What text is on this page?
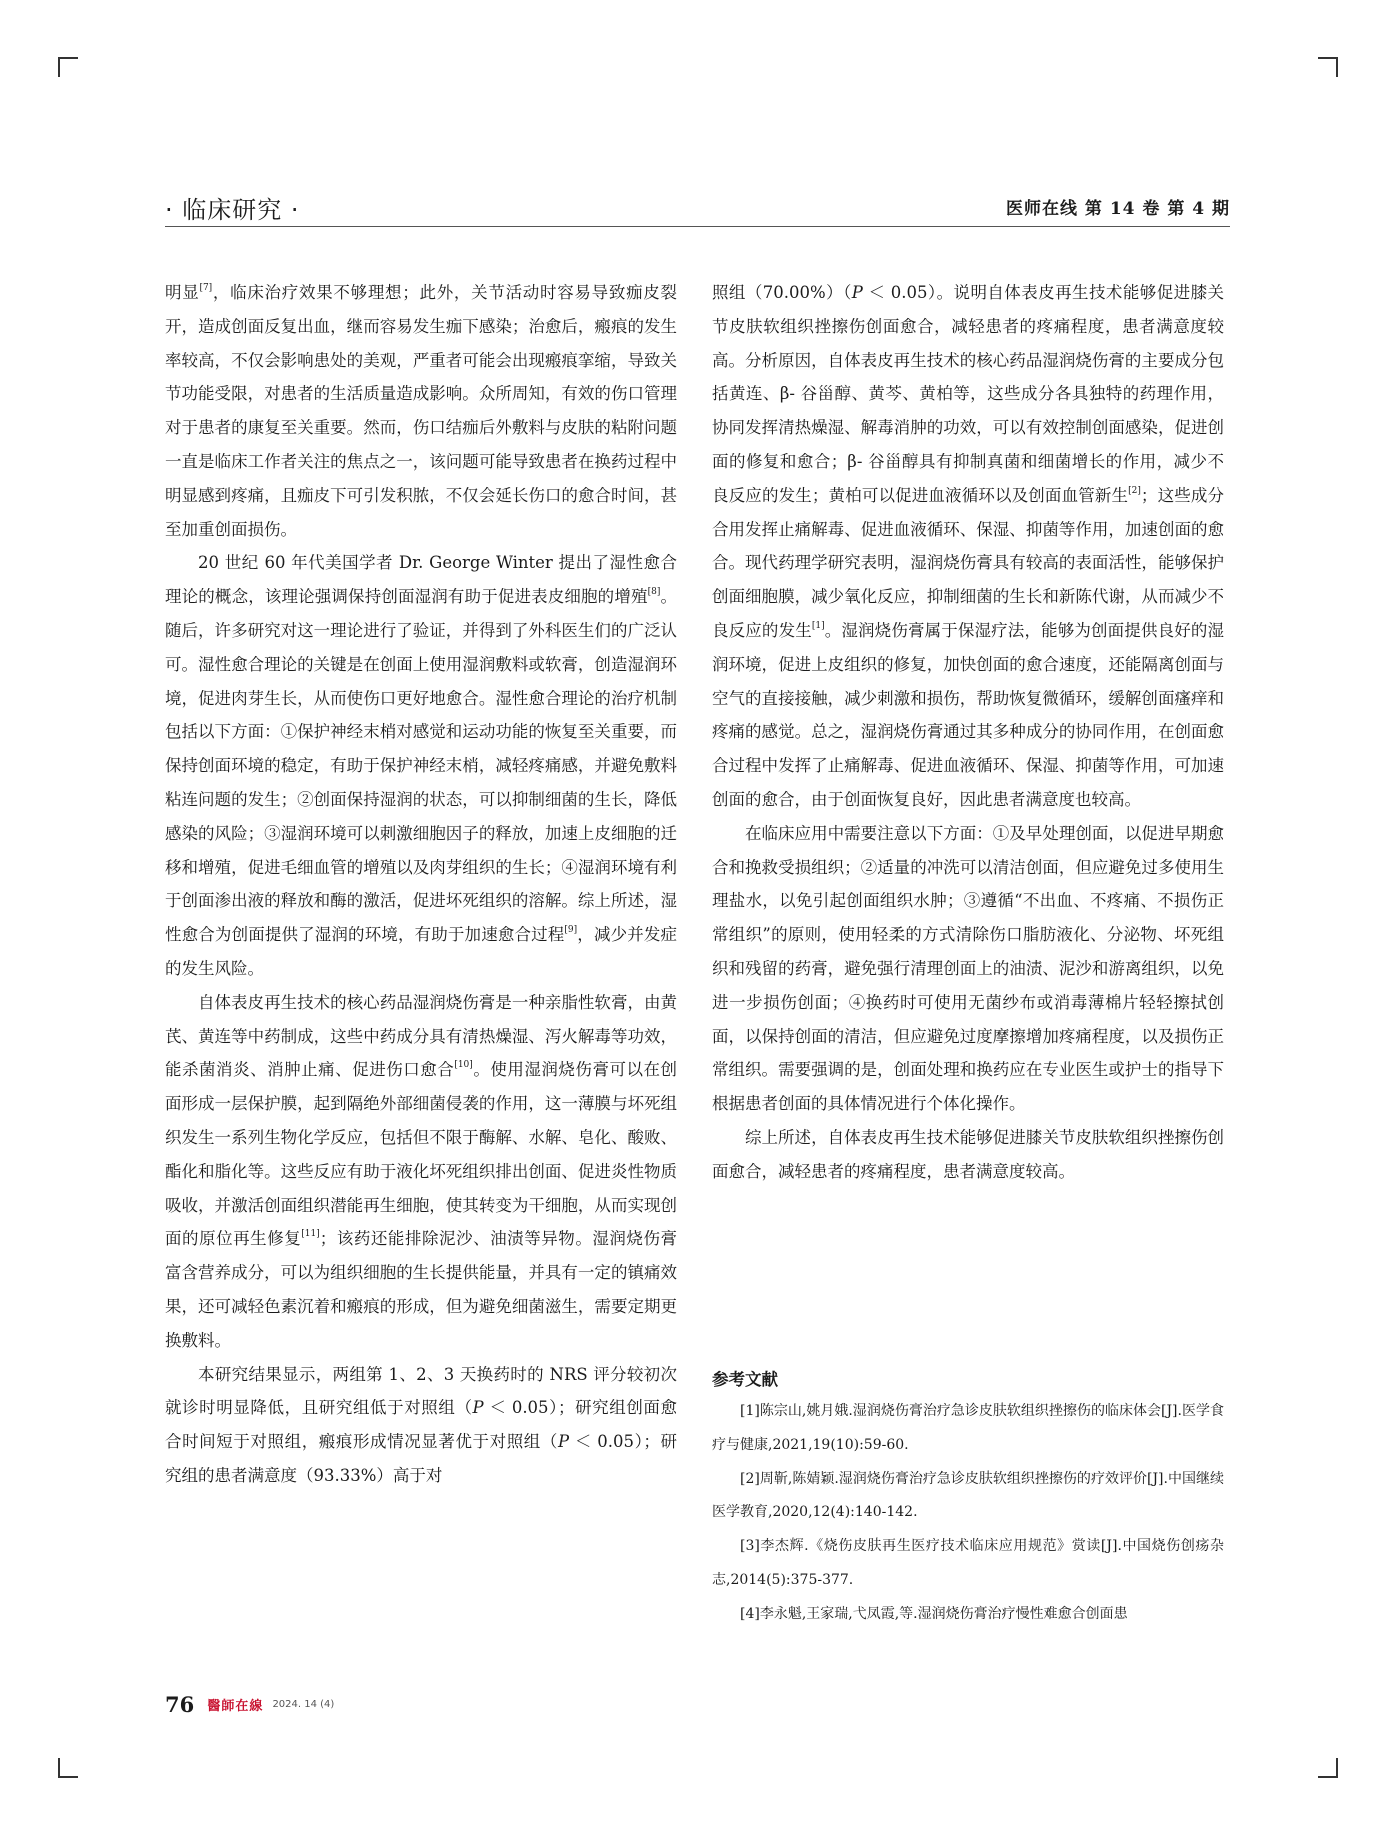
· 临床研究 ·	医师在线 第 14 卷 第 4 期

明显[7]，临床治疗效果不够理想；此外，关节活动时容易导致痂皮裂开，造成创面反复出血，继而容易发生痂下感染；治愈后，瘢痕的发生率较高，不仅会影响患处的美观，严重者可能会出现瘢痕挛缩，导致关节功能受限，对患者的生活质量造成影响。众所周知，有效的伤口管理对于患者的康复至关重要。然而，伤口结痂后外敷料与皮肤的粘附问题一直是临床工作者关注的焦点之一，该问题可能导致患者在换药过程中明显感到疼痛，且痂皮下可引发积脓，不仅会延长伤口的愈合时间，甚至加重创面损伤。

20 世纪 60 年代美国学者 Dr. George Winter 提出了湿性愈合理论的概念，该理论强调保持创面湿润有助于促进表皮细胞的增殖[8]。随后，许多研究对这一理论进行了验证，并得到了外科医生们的广泛认可。湿性愈合理论的关键是在创面上使用湿润敷料或软膏，创造湿润环境，促进肉芽生长，从而使伤口更好地愈合。湿性愈合理论的治疗机制包括以下方面：①保护神经末梢对感觉和运动功能的恢复至关重要，而保持创面环境的稳定，有助于保护神经末梢，减轻疼痛感，并避免敷料粘连问题的发生；②创面保持湿润的状态，可以抑制细菌的生长，降低感染的风险；③湿润环境可以刺激细胞因子的释放，加速上皮细胞的迁移和增殖，促进毛细血管的增殖以及肉芽组织的生长；④湿润环境有利于创面渗出液的释放和酶的激活，促进坏死组织的溶解。综上所述，湿性愈合为创面提供了湿润的环境，有助于加速愈合过程[9]，减少并发症的发生风险。

自体表皮再生技术的核心药品湿润烧伤膏是一种亲脂性软膏，由黄芪、黄连等中药制成，这些中药成分具有清热燥湿、泻火解毒等功效，能杀菌消炎、消肿止痛、促进伤口愈合[10]。使用湿润烧伤膏可以在创面形成一层保护膜，起到隔绝外部细菌侵袭的作用，这一薄膜与坏死组织发生一系列生物化学反应，包括但不限于酶解、水解、皂化、酸败、酯化和脂化等。这些反应有助于液化坏死组织排出创面、促进炎性物质吸收，并激活创面组织潜能再生细胞，使其转变为干细胞，从而实现创面的原位再生修复[11]；该药还能排除泥沙、油渍等异物。湿润烧伤膏富含营养成分，可以为组织细胞的生长提供能量，并具有一定的镇痛效果，还可减轻色素沉着和瘢痕的形成，但为避免细菌滋生，需要定期更换敷料。

本研究结果显示，两组第 1、2、3 天换药时的 NRS 评分较初次就诊时明显降低，且研究组低于对照组（P ＜ 0.05）；研究组创面愈合时间短于对照组，瘢痕形成情况显著优于对照组（P ＜ 0.05）；研究组的患者满意度（93.33%）高于对

照组（70.00%）（P ＜ 0.05）。说明自体表皮再生技术能够促进膝关节皮肤软组织挫擦伤创面愈合，减轻患者的疼痛程度，患者满意度较高。分析原因，自体表皮再生技术的核心药品湿润烧伤膏的主要成分包括黄连、β- 谷甾醇、黄芩、黄柏等，这些成分各具独特的药理作用，协同发挥清热燥湿、解毒消肿的功效，可以有效控制创面感染，促进创面的修复和愈合；β- 谷甾醇具有抑制真菌和细菌增长的作用，减少不良反应的发生；黄柏可以促进血液循环以及创面血管新生[2]；这些成分合用发挥止痛解毒、促进血液循环、保湿、抑菌等作用，加速创面的愈合。现代药理学研究表明，湿润烧伤膏具有较高的表面活性，能够保护创面细胞膜，减少氧化反应，抑制细菌的生长和新陈代谢，从而减少不良反应的发生[1]。湿润烧伤膏属于保湿疗法，能够为创面提供良好的湿润环境，促进上皮组织的修复，加快创面的愈合速度，还能隔离创面与空气的直接接触，减少刺激和损伤，帮助恢复微循环，缓解创面瘙痒和疼痛的感觉。总之，湿润烧伤膏通过其多种成分的协同作用，在创面愈合过程中发挥了止痛解毒、促进血液循环、保湿、抑菌等作用，可加速创面的愈合，由于创面恢复良好，因此患者满意度也较高。

在临床应用中需要注意以下方面：①及早处理创面，以促进早期愈合和挽救受损组织；②适量的冲洗可以清洁创面，但应避免过多使用生理盐水，以免引起创面组织水肿；③遵循“不出血、不疼痛、不损伤正常组织”的原则，使用轻柔的方式清除伤口脂肪液化、分泌物、坏死组织和残留的药膏，避免强行清理创面上的油渍、泥沙和游离组织，以免进一步损伤创面；④换药时可使用无菌纱布或消毒薄棉片轻轻擦拭创面，以保持创面的清洁，但应避免过度摩擦增加疼痛程度，以及损伤正常组织。需要强调的是，创面处理和换药应在专业医生或护士的指导下根据患者创面的具体情况进行个体化操作。

综上所述，自体表皮再生技术能够促进膝关节皮肤软组织挫擦伤创面愈合，减轻患者的疼痛程度，患者满意度较高。

参考文献

[1]陈宗山,姚月娥.湿润烧伤膏治疗急诊皮肤软组织挫擦伤的临床体会[J].医学食疗与健康,2021,19(10):59-60.

[2]周靳,陈婧颖.湿润烧伤膏治疗急诊皮肤软组织挫擦伤的疗效评价[J].中国继续医学教育,2020,12(4):140-142.

[3]李杰辉.《烧伤皮肤再生医疗技术临床应用规范》赏读[J].中国烧伤创疡杂志,2014(5):375-377.

[4]李永魁,王家瑞,弋凤霞,等.湿润烧伤膏治疗慢性难愈合创面患

76 醫師在線 2024. 14 (4)
